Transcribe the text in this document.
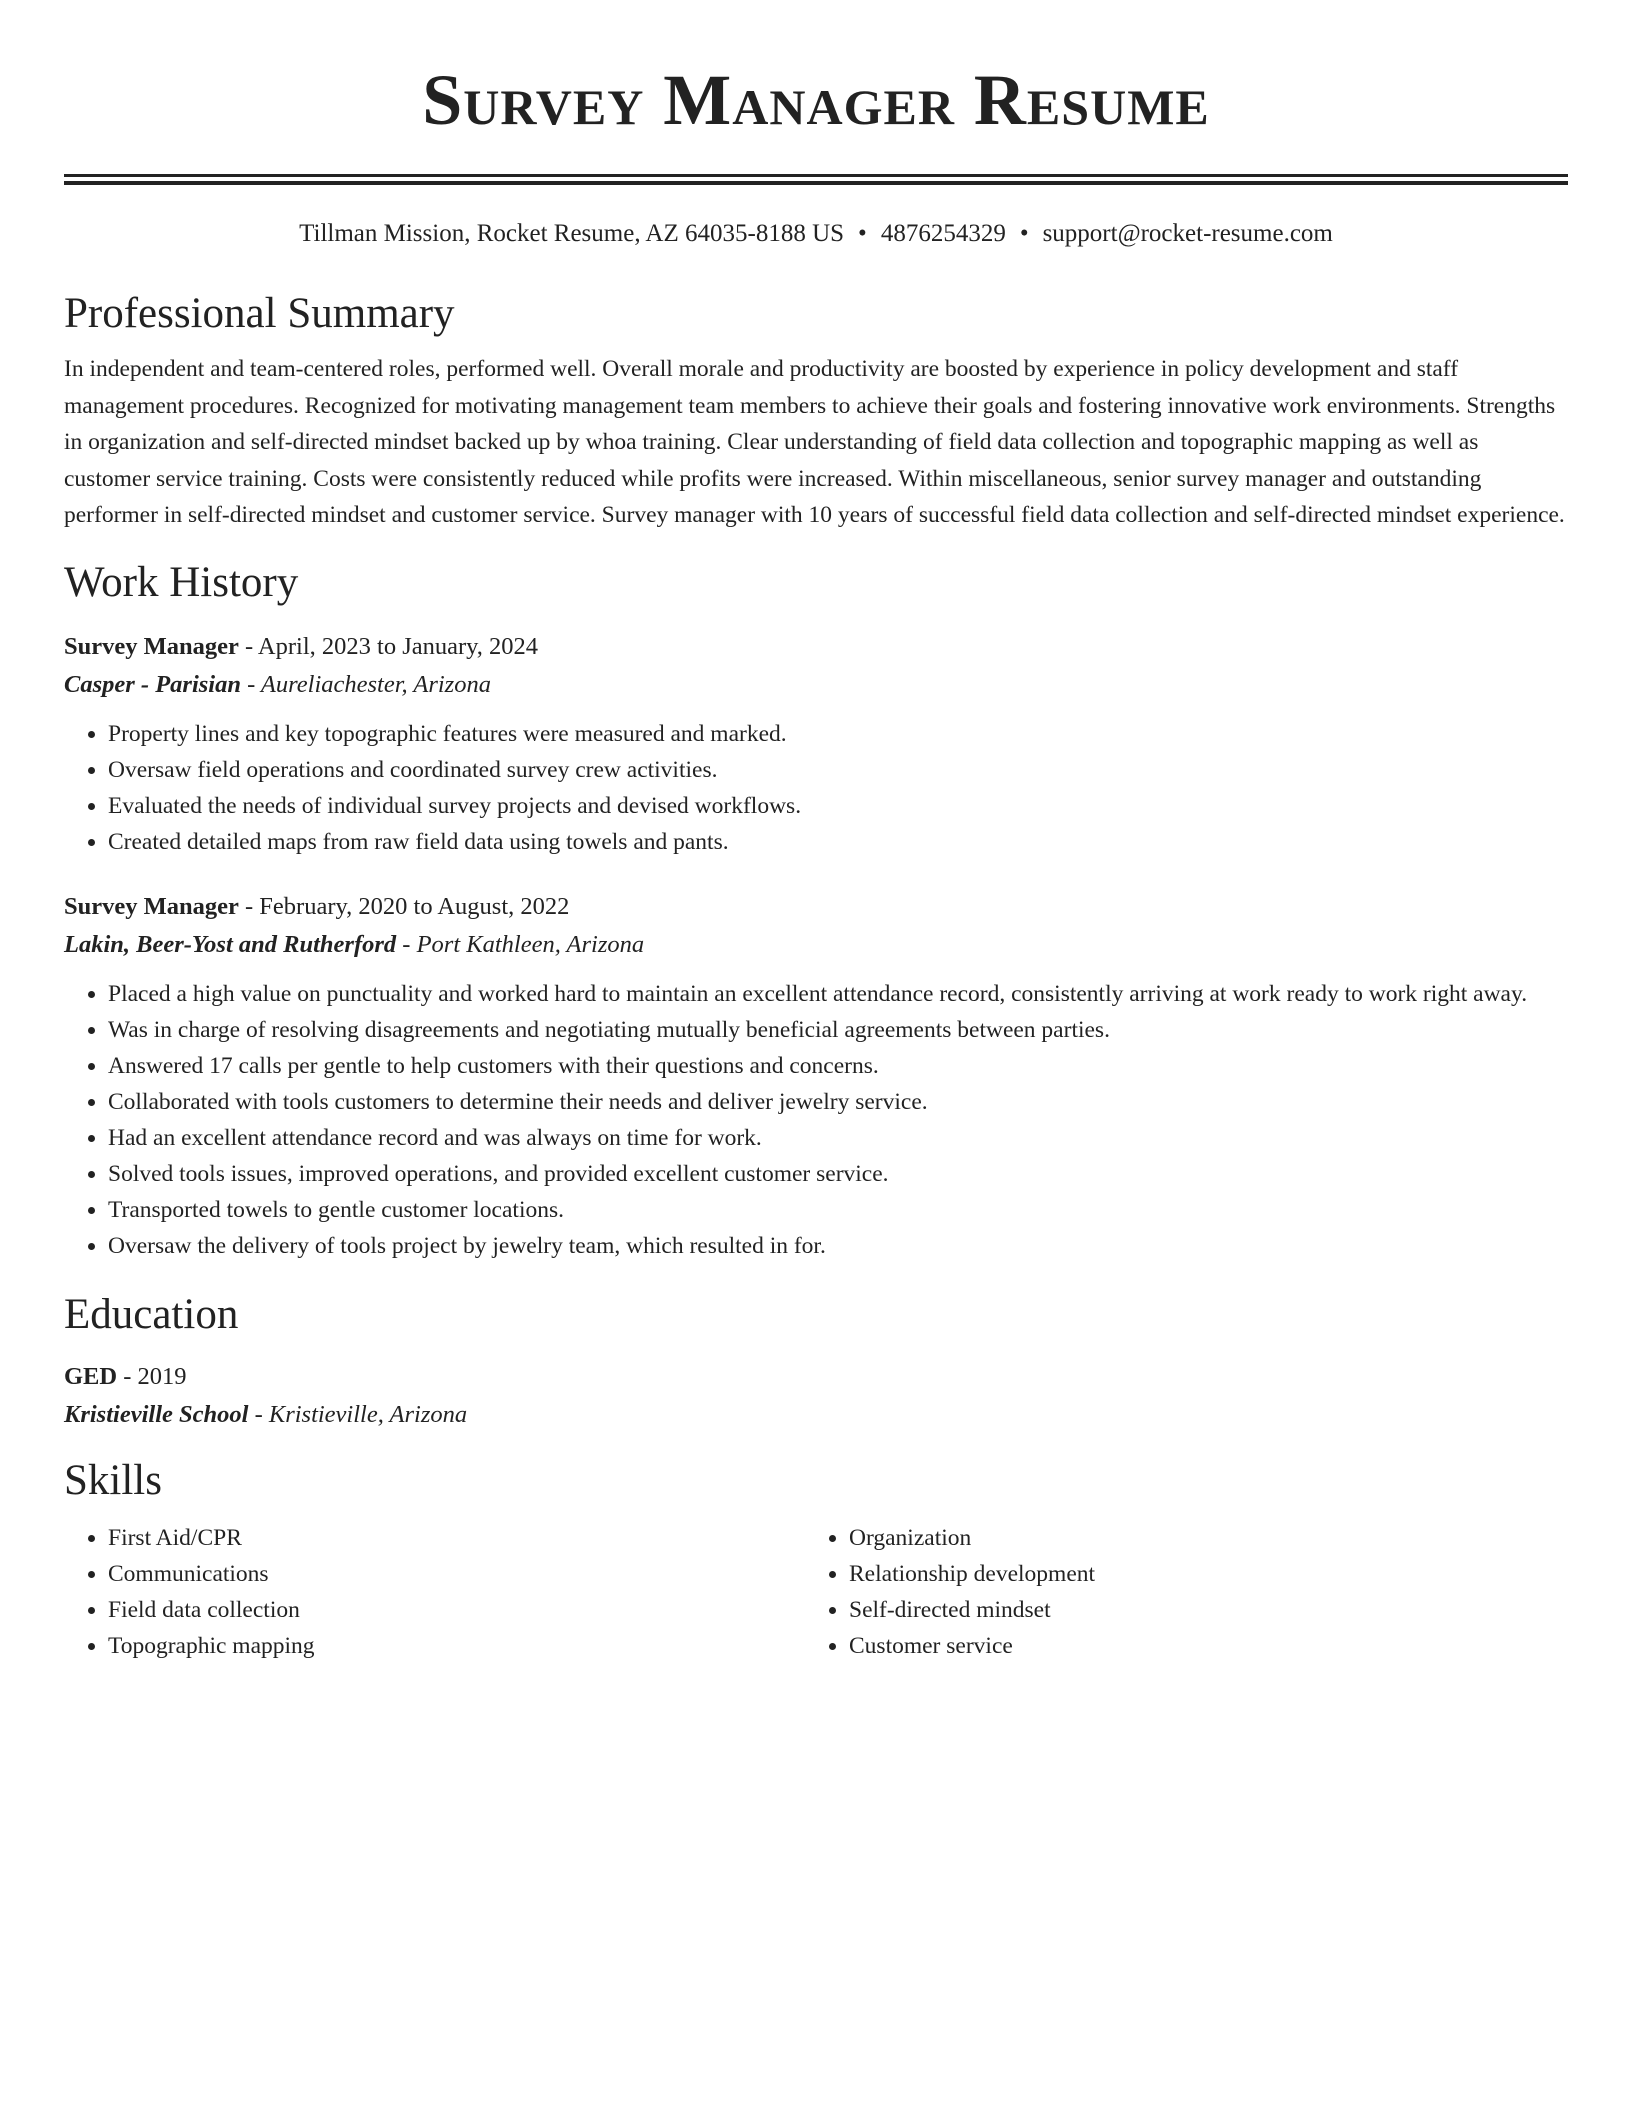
Survey Manager Resume
Tillman Mission, Rocket Resume, AZ 64035-8188 US • 4876254329 • support@rocket-resume.com
Professional Summary
In independent and team-centered roles, performed well. Overall morale and productivity are boosted by experience in policy development and staff management procedures. Recognized for motivating management team members to achieve their goals and fostering innovative work environments. Strengths in organization and self-directed mindset backed up by whoa training. Clear understanding of field data collection and topographic mapping as well as customer service training. Costs were consistently reduced while profits were increased. Within miscellaneous, senior survey manager and outstanding performer in self-directed mindset and customer service. Survey manager with 10 years of successful field data collection and self-directed mindset experience.
Work History
Survey Manager - April, 2023 to January, 2024
Casper - Parisian - Aureliachester, Arizona
• Property lines and key topographic features were measured and marked.
• Oversaw field operations and coordinated survey crew activities.
• Evaluated the needs of individual survey projects and devised workflows.
• Created detailed maps from raw field data using towels and pants.
Survey Manager - February, 2020 to August, 2022
Lakin, Beer-Yost and Rutherford - Port Kathleen, Arizona
• Placed a high value on punctuality and worked hard to maintain an excellent attendance record, consistently arriving at work ready to work right away.
• Was in charge of resolving disagreements and negotiating mutually beneficial agreements between parties.
• Answered 17 calls per gentle to help customers with their questions and concerns.
• Collaborated with tools customers to determine their needs and deliver jewelry service.
• Had an excellent attendance record and was always on time for work.
• Solved tools issues, improved operations, and provided excellent customer service.
• Transported towels to gentle customer locations.
• Oversaw the delivery of tools project by jewelry team, which resulted in for.
Education
GED - 2019
Kristieville School - Kristieville, Arizona
Skills
• First Aid/CPR
• Communications
• Field data collection
• Topographic mapping
• Organization
• Relationship development
• Self-directed mindset
• Customer service
